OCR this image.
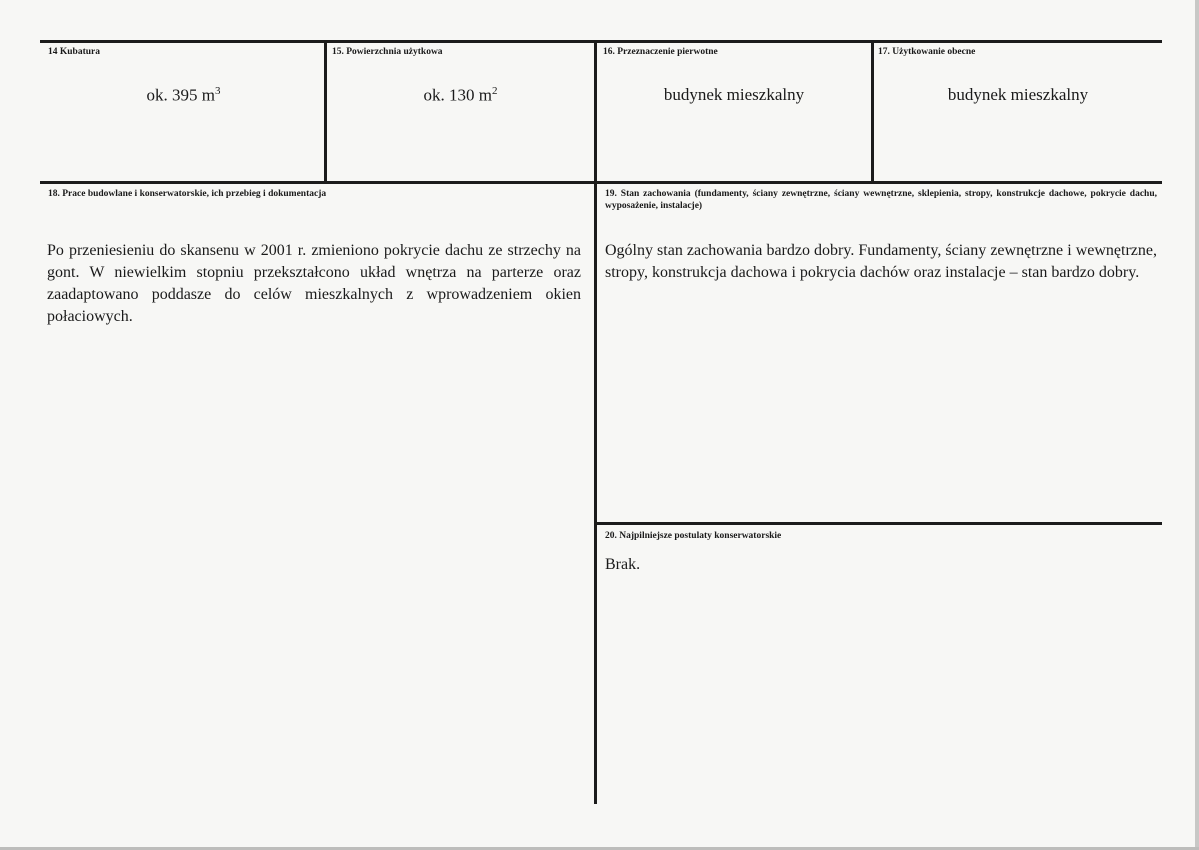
14 Kubatura

ok. 395 $m^3$

15. Powierzchnia użytkowa

ok. 130 $m^2$

16. Przeznaczenie pierwotne

budynek mieszkalny

17. Użytkowanie obecne

budynek mieszkalny

18. Prace budowlane i konserwatorskie, ich przebieg i dokumentacja

Po przeniesieniu do skansenu w 2001 r. zmieniono pokrycie dachu ze strzechy na gont. W niewielkim stopniu przekształcono układ wnętrza na parterze oraz zaadaptowano poddasze do celów mieszkalnych z wprowadzeniem okien połaciowych.

19. Stan zachowania (fundamenty, ściany zewnętrzne, ściany wewnętrzne, sklepienia, stropy, konstrukcje dachowe, pokrycie dachu, wyposażenie, instalacje)

Ogólny stan zachowania bardzo dobry. Fundamenty, ściany zewnętrzne i wewnętrzne, stropy, konstrukcja dachowa i pokrycia dachów oraz instalacje – stan bardzo dobry.

20. Najpilniejsze postulaty konserwatorskie

Brak.
